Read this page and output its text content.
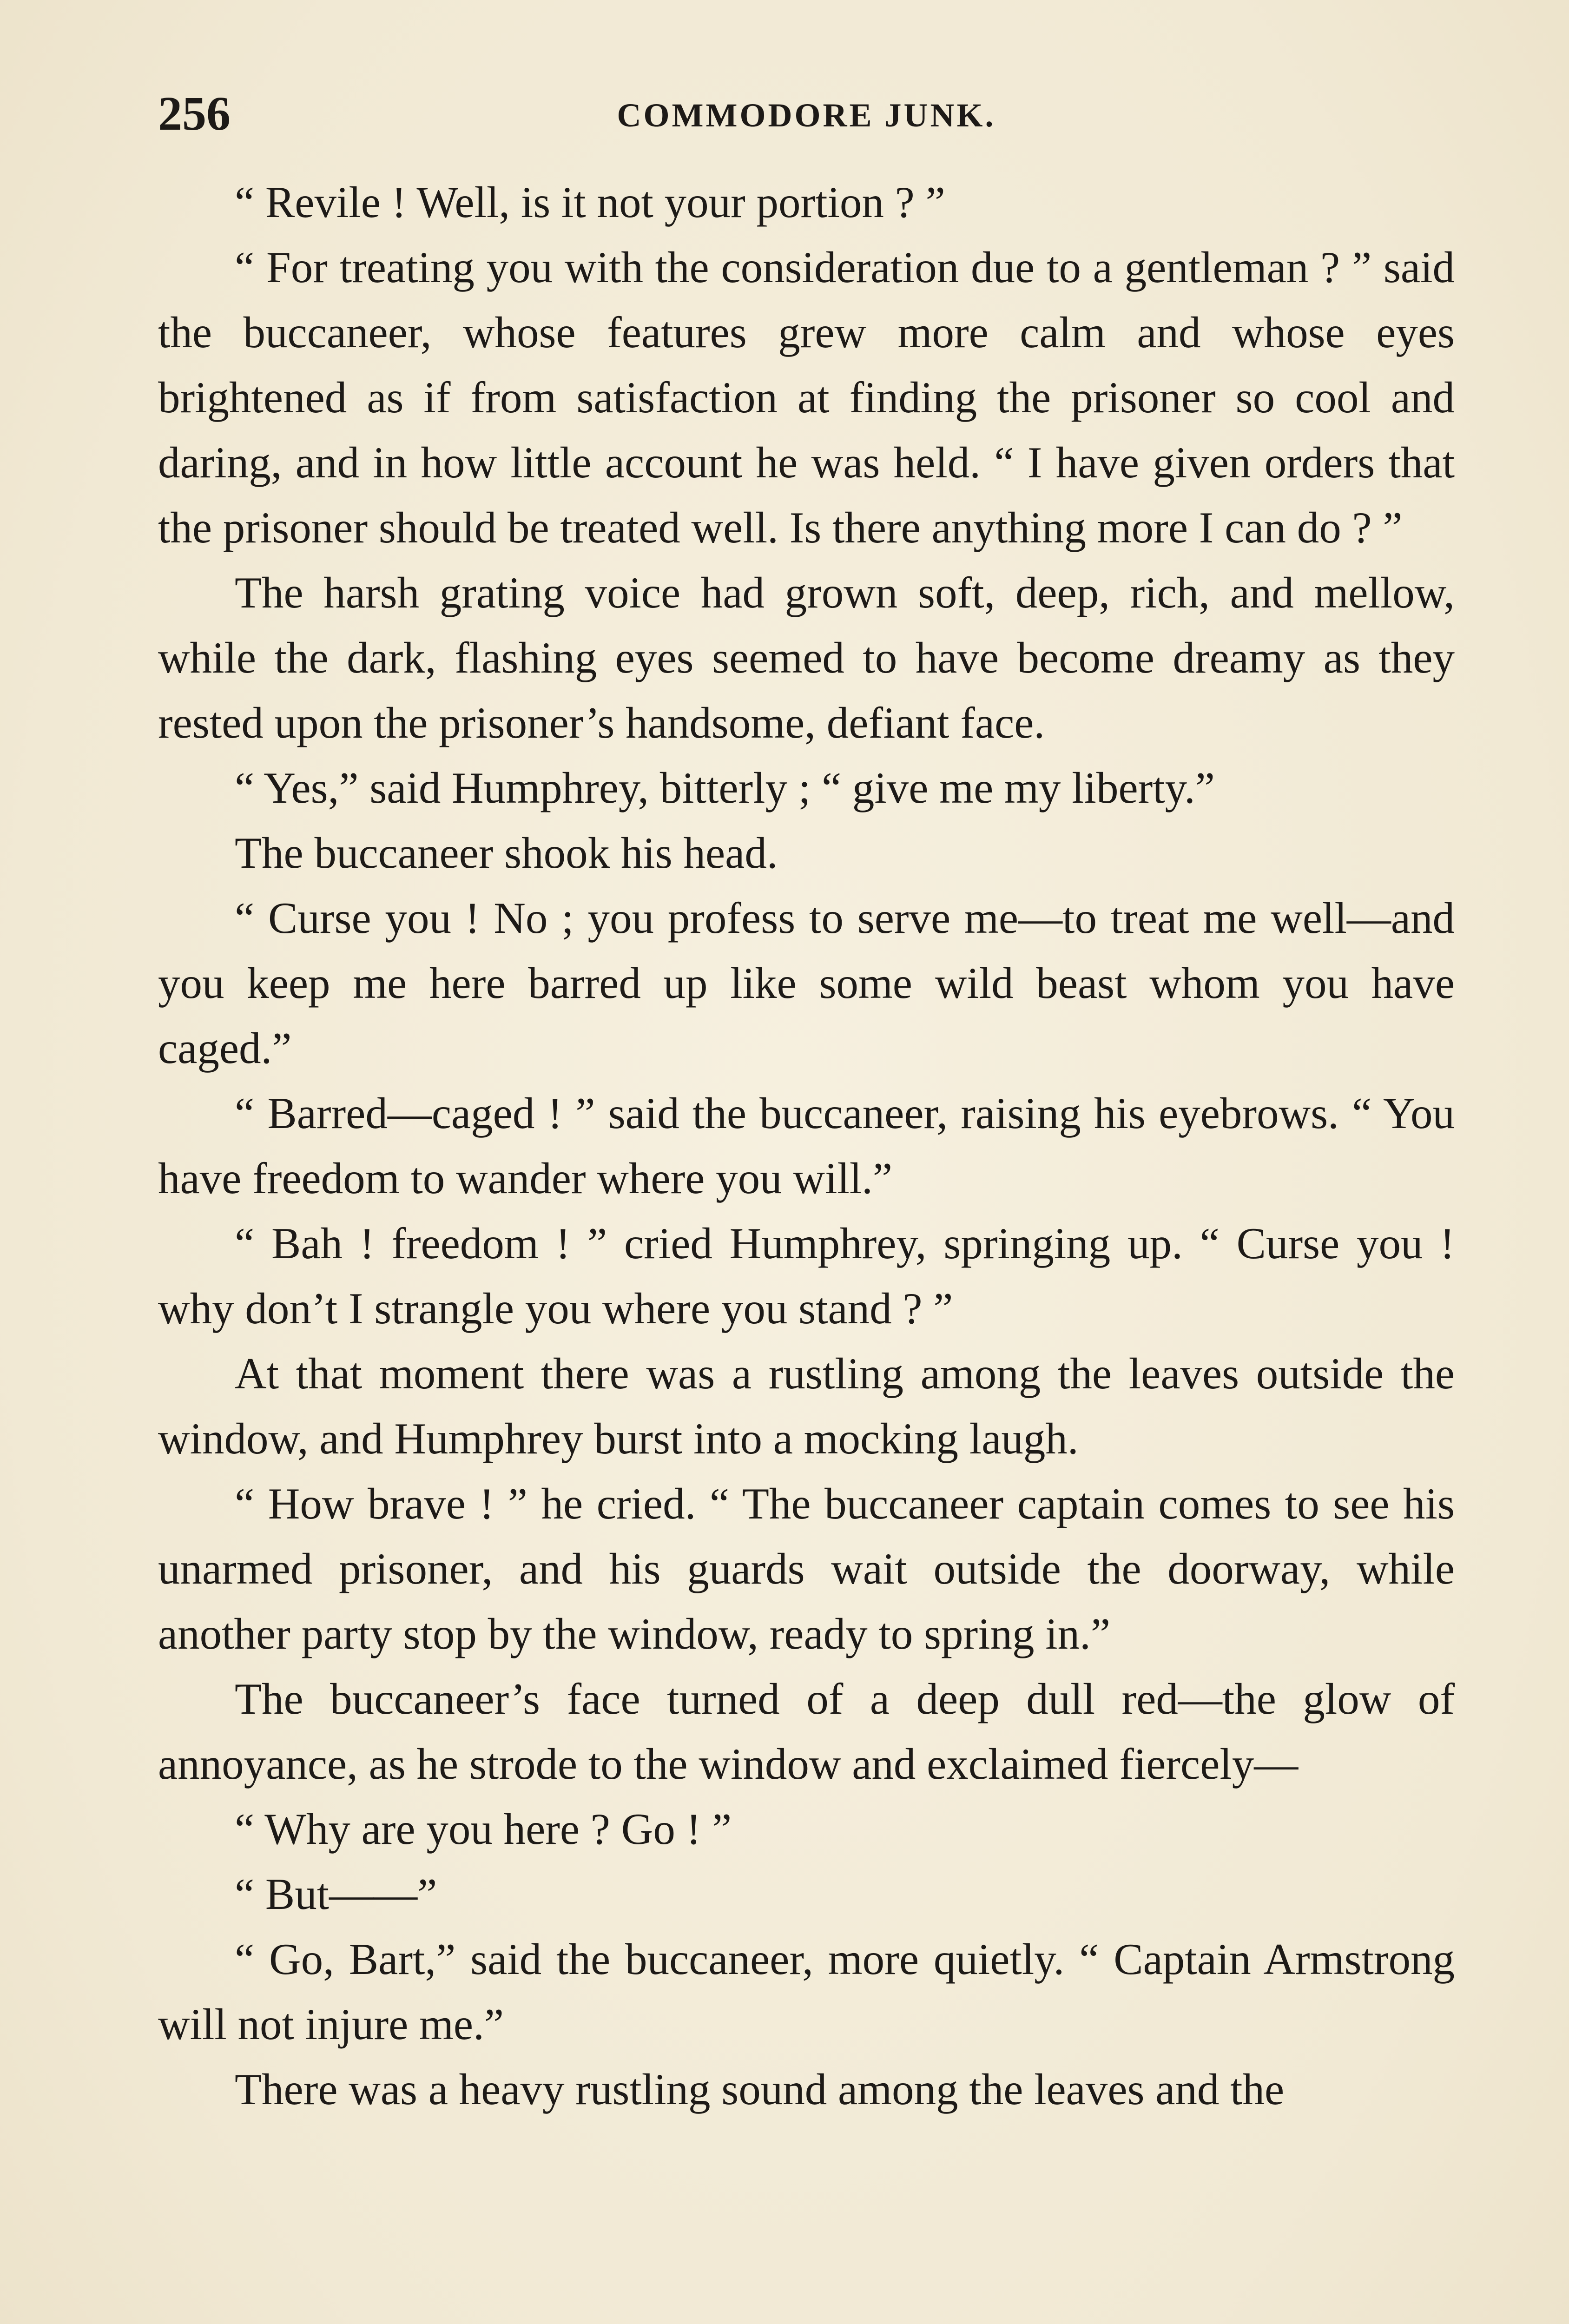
256	COMMODORE JUNK.

“ Revile ! Well, is it not your portion ? ”

“ For treating you with the consideration due to a gentleman ? ” said the buccaneer, whose features grew more calm and whose eyes brightened as if from satisfaction at finding the prisoner so cool and daring, and in how little account he was held. “ I have given orders that the prisoner should be treated well. Is there anything more I can do ? ”

The harsh grating voice had grown soft, deep, rich, and mellow, while the dark, flashing eyes seemed to have become dreamy as they rested upon the prisoner’s handsome, defiant face.

“ Yes,” said Humphrey, bitterly ; “ give me my liberty.”

The buccaneer shook his head.

“ Curse you ! No ; you profess to serve me—to treat me well—and you keep me here barred up like some wild beast whom you have caged.”

“ Barred—caged ! ” said the buccaneer, raising his eyebrows. “ You have freedom to wander where you will.”

“ Bah ! freedom ! ” cried Humphrey, springing up. “ Curse you ! why don’t I strangle you where you stand ? ”

At that moment there was a rustling among the leaves outside the window, and Humphrey burst into a mocking laugh.

“ How brave ! ” he cried. “ The buccaneer captain comes to see his unarmed prisoner, and his guards wait outside the doorway, while another party stop by the window, ready to spring in.”

The buccaneer’s face turned of a deep dull red—the glow of annoyance, as he strode to the window and exclaimed fiercely—

“ Why are you here ? Go ! ”

“ But——”

“ Go, Bart,” said the buccaneer, more quietly. “ Captain Armstrong will not injure me.”

There was a heavy rustling sound among the leaves and the
